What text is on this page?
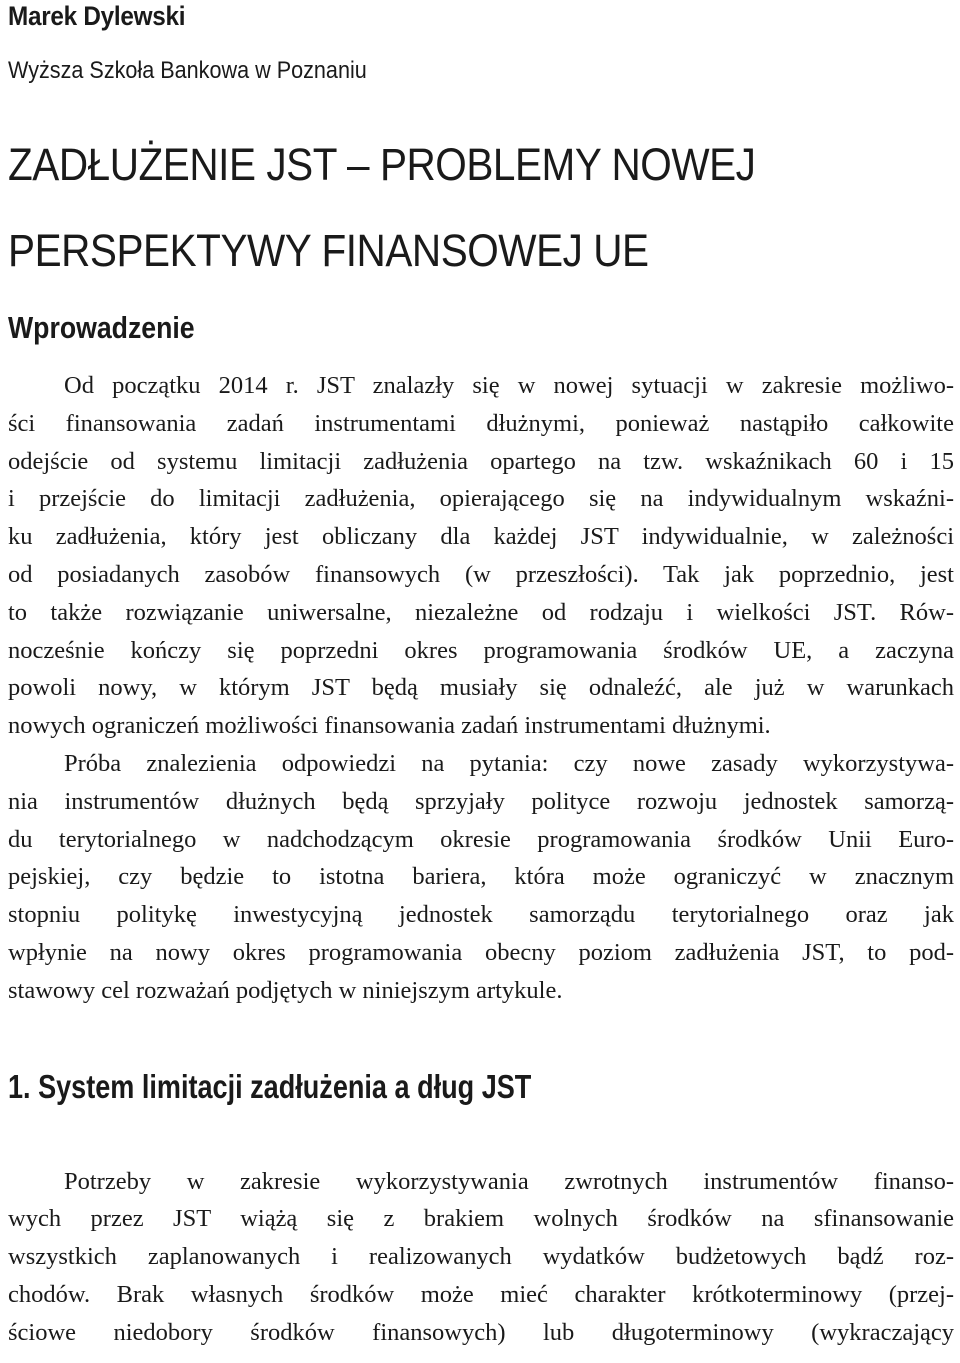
Marek Dylewski

Wyższa Szkoła Bankowa w Poznaniu

ZADŁUŻENIE JST – PROBLEMY NOWEJ
PERSPEKTYWY FINANSOWEJ UE
Wprowadzenie
Od początku 2014 r. JST znalazły się w nowej sytuacji w zakresie możliwo-
ści finansowania zadań instrumentami dłużnymi, ponieważ nastąpiło całkowite
odejście od systemu limitacji zadłużenia opartego na tzw. wskaźnikach 60 i 15
i przejście do limitacji zadłużenia, opierającego się na indywidualnym wskaźni-
ku zadłużenia, który jest obliczany dla każdej JST indywidualnie, w zależności
od posiadanych zasobów finansowych (w przeszłości). Tak jak poprzednio, jest
to także rozwiązanie uniwersalne, niezależne od rodzaju i wielkości JST. Rów-
nocześnie kończy się poprzedni okres programowania środków UE, a zaczyna
powoli nowy, w którym JST będą musiały się odnaleźć, ale już w warunkach
nowych ograniczeń możliwości finansowania zadań instrumentami dłużnymi.
Próba znalezienia odpowiedzi na pytania: czy nowe zasady wykorzystywa-
nia instrumentów dłużnych będą sprzyjały polityce rozwoju jednostek samorzą-
du terytorialnego w nadchodzącym okresie programowania środków Unii Euro-
pejskiej, czy będzie to istotna bariera, która może ograniczyć w znacznym
stopniu politykę inwestycyjną jednostek samorządu terytorialnego oraz jak
wpłynie na nowy okres programowania obecny poziom zadłużenia JST, to pod-
stawowy cel rozważań podjętych w niniejszym artykule.
1. System limitacji zadłużenia a dług JST
Potrzeby w zakresie wykorzystywania zwrotnych instrumentów finanso-
wych przez JST wiążą się z brakiem wolnych środków na sfinansowanie
wszystkich zaplanowanych i realizowanych wydatków budżetowych bądź roz-
chodów. Brak własnych środków może mieć charakter krótkoterminowy (przej-
ściowe niedobory środków finansowych) lub długoterminowy (wykraczający
